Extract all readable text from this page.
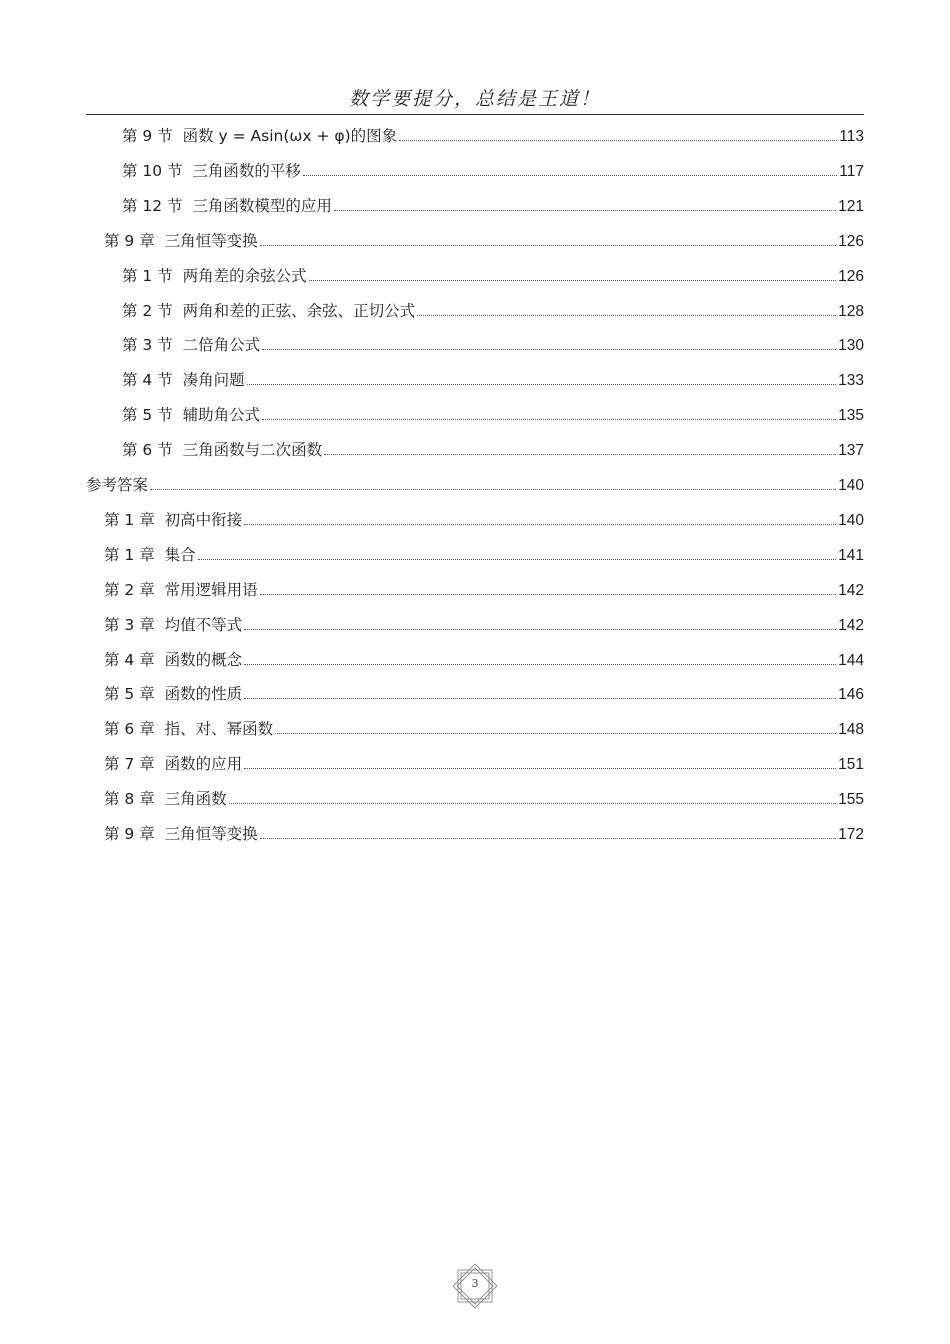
数学要提分，总结是王道！
第 9 节  函数 y = Asin(ωx + φ)的图象	113
第 10 节  三角函数的平移	117
第 12 节  三角函数模型的应用	121
第 9 章  三角恒等变换	126
第 1 节  两角差的余弦公式	126
第 2 节  两角和差的正弦、余弦、正切公式	128
第 3 节  二倍角公式	130
第 4 节  凑角问题	133
第 5 节  辅助角公式	135
第 6 节  三角函数与二次函数	137
参考答案	140
第 1 章  初高中衔接	140
第 1 章  集合	141
第 2 章  常用逻辑用语	142
第 3 章  均值不等式	142
第 4 章  函数的概念	144
第 5 章  函数的性质	146
第 6 章  指、对、幂函数	148
第 7 章  函数的应用	151
第 8 章  三角函数	155
第 9 章  三角恒等变换	172
3
